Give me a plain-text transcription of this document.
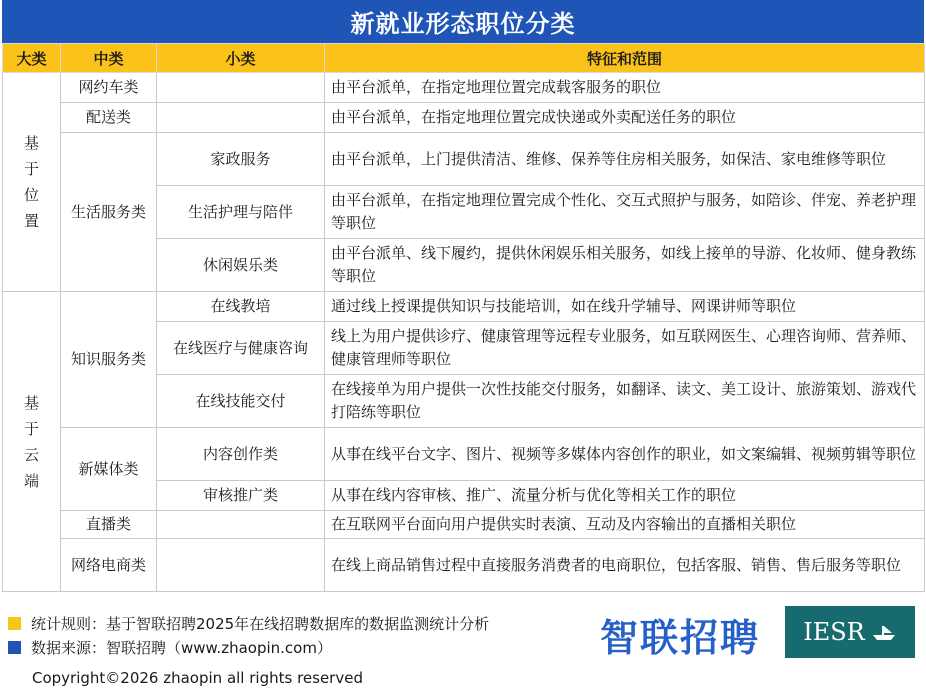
新就业形态职位分类
大类	中类	小类	特征和范围
基于位置	网约车类		由平台派单，在指定地理位置完成载客服务的职位
	配送类		由平台派单，在指定地理位置完成快递或外卖配送任务的职位
	生活服务类	家政服务	由平台派单，上门提供清洁、维修、保养等住房相关服务，如保洁、家电维修等职位
		生活护理与陪伴	由平台派单，在指定地理位置完成个性化、交互式照护与服务，如陪诊、伴宠、养老护理等职位
		休闲娱乐类	由平台派单、线下履约，提供休闲娱乐相关服务，如线上接单的导游、化妆师、健身教练等职位
基于云端	知识服务类	在线教培	通过线上授课提供知识与技能培训，如在线升学辅导、网课讲师等职位
		在线医疗与健康咨询	线上为用户提供诊疗、健康管理等远程专业服务，如互联网医生、心理咨询师、营养师、健康管理师等职位
		在线技能交付	在线接单为用户提供一次性技能交付服务，如翻译、读文、美工设计、旅游策划、游戏代打陪练等职位
	新媒体类	内容创作类	从事在线平台文字、图片、视频等多媒体内容创作的职业，如文案编辑、视频剪辑等职位
		审核推广类	从事在线内容审核、推广、流量分析与优化等相关工作的职位
	直播类		在互联网平台面向用户提供实时表演、互动及内容输出的直播相关职位
	网络电商类		在线上商品销售过程中直接服务消费者的电商职位，包括客服、销售、售后服务等职位
统计规则：基于智联招聘2025年在线招聘数据库的数据监测统计分析
数据来源：智联招聘（www.zhaopin.com）	智联招聘 IESR
Copyright©2026 zhaopin all rights reserved
